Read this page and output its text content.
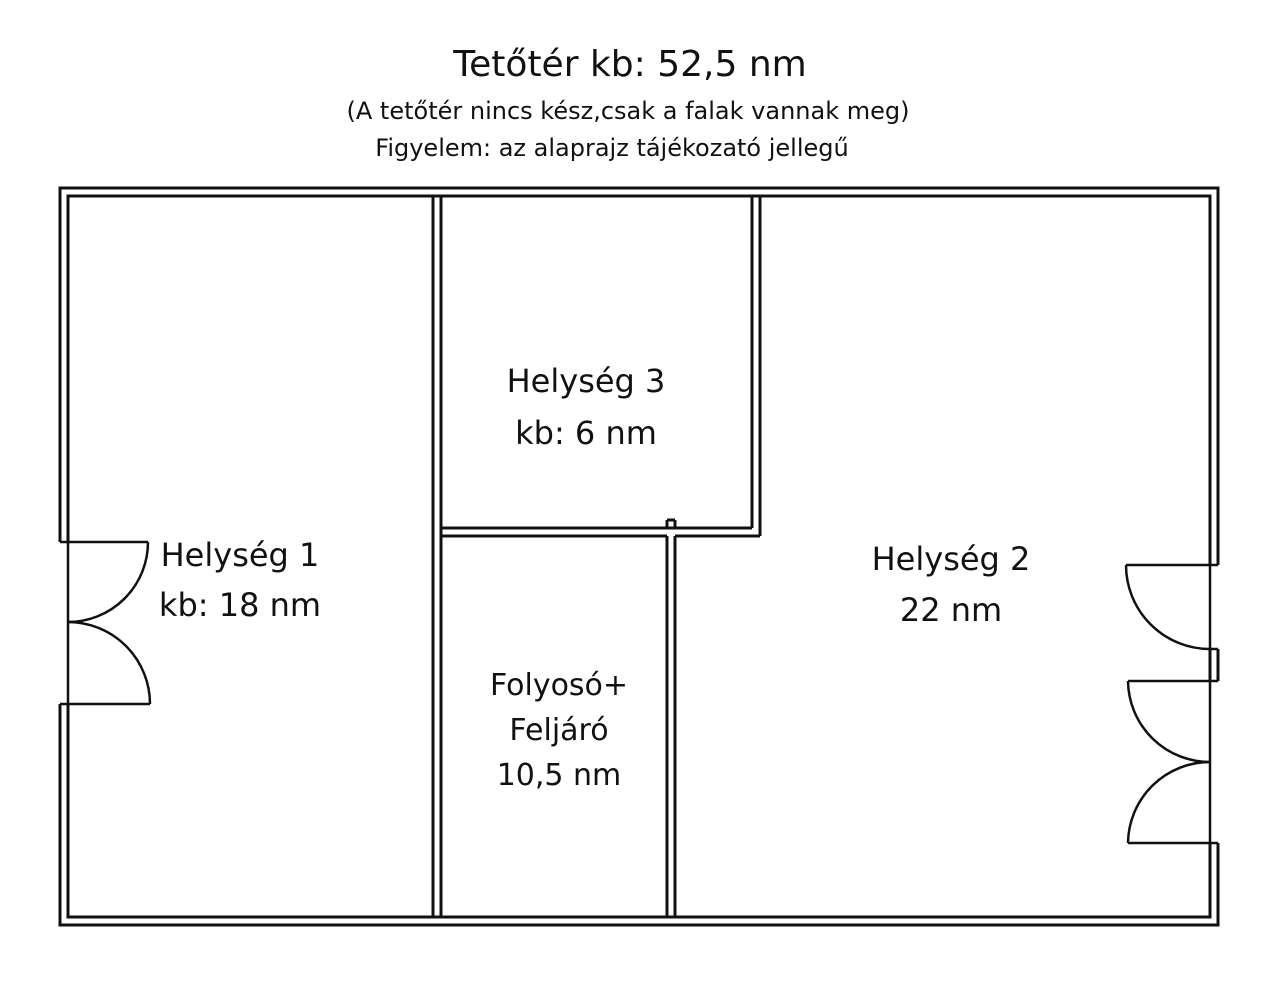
Tetőtér kb: 52,5 nm
(A tetőtér nincs kész,csak a falak vannak meg)
Figyelem: az alaprajz tájékozató jellegű
Helység 1
kb: 18 nm
Helység 3
kb: 6 nm
Helység 2
22 nm
Folyosó+
Feljáró
10,5 nm
